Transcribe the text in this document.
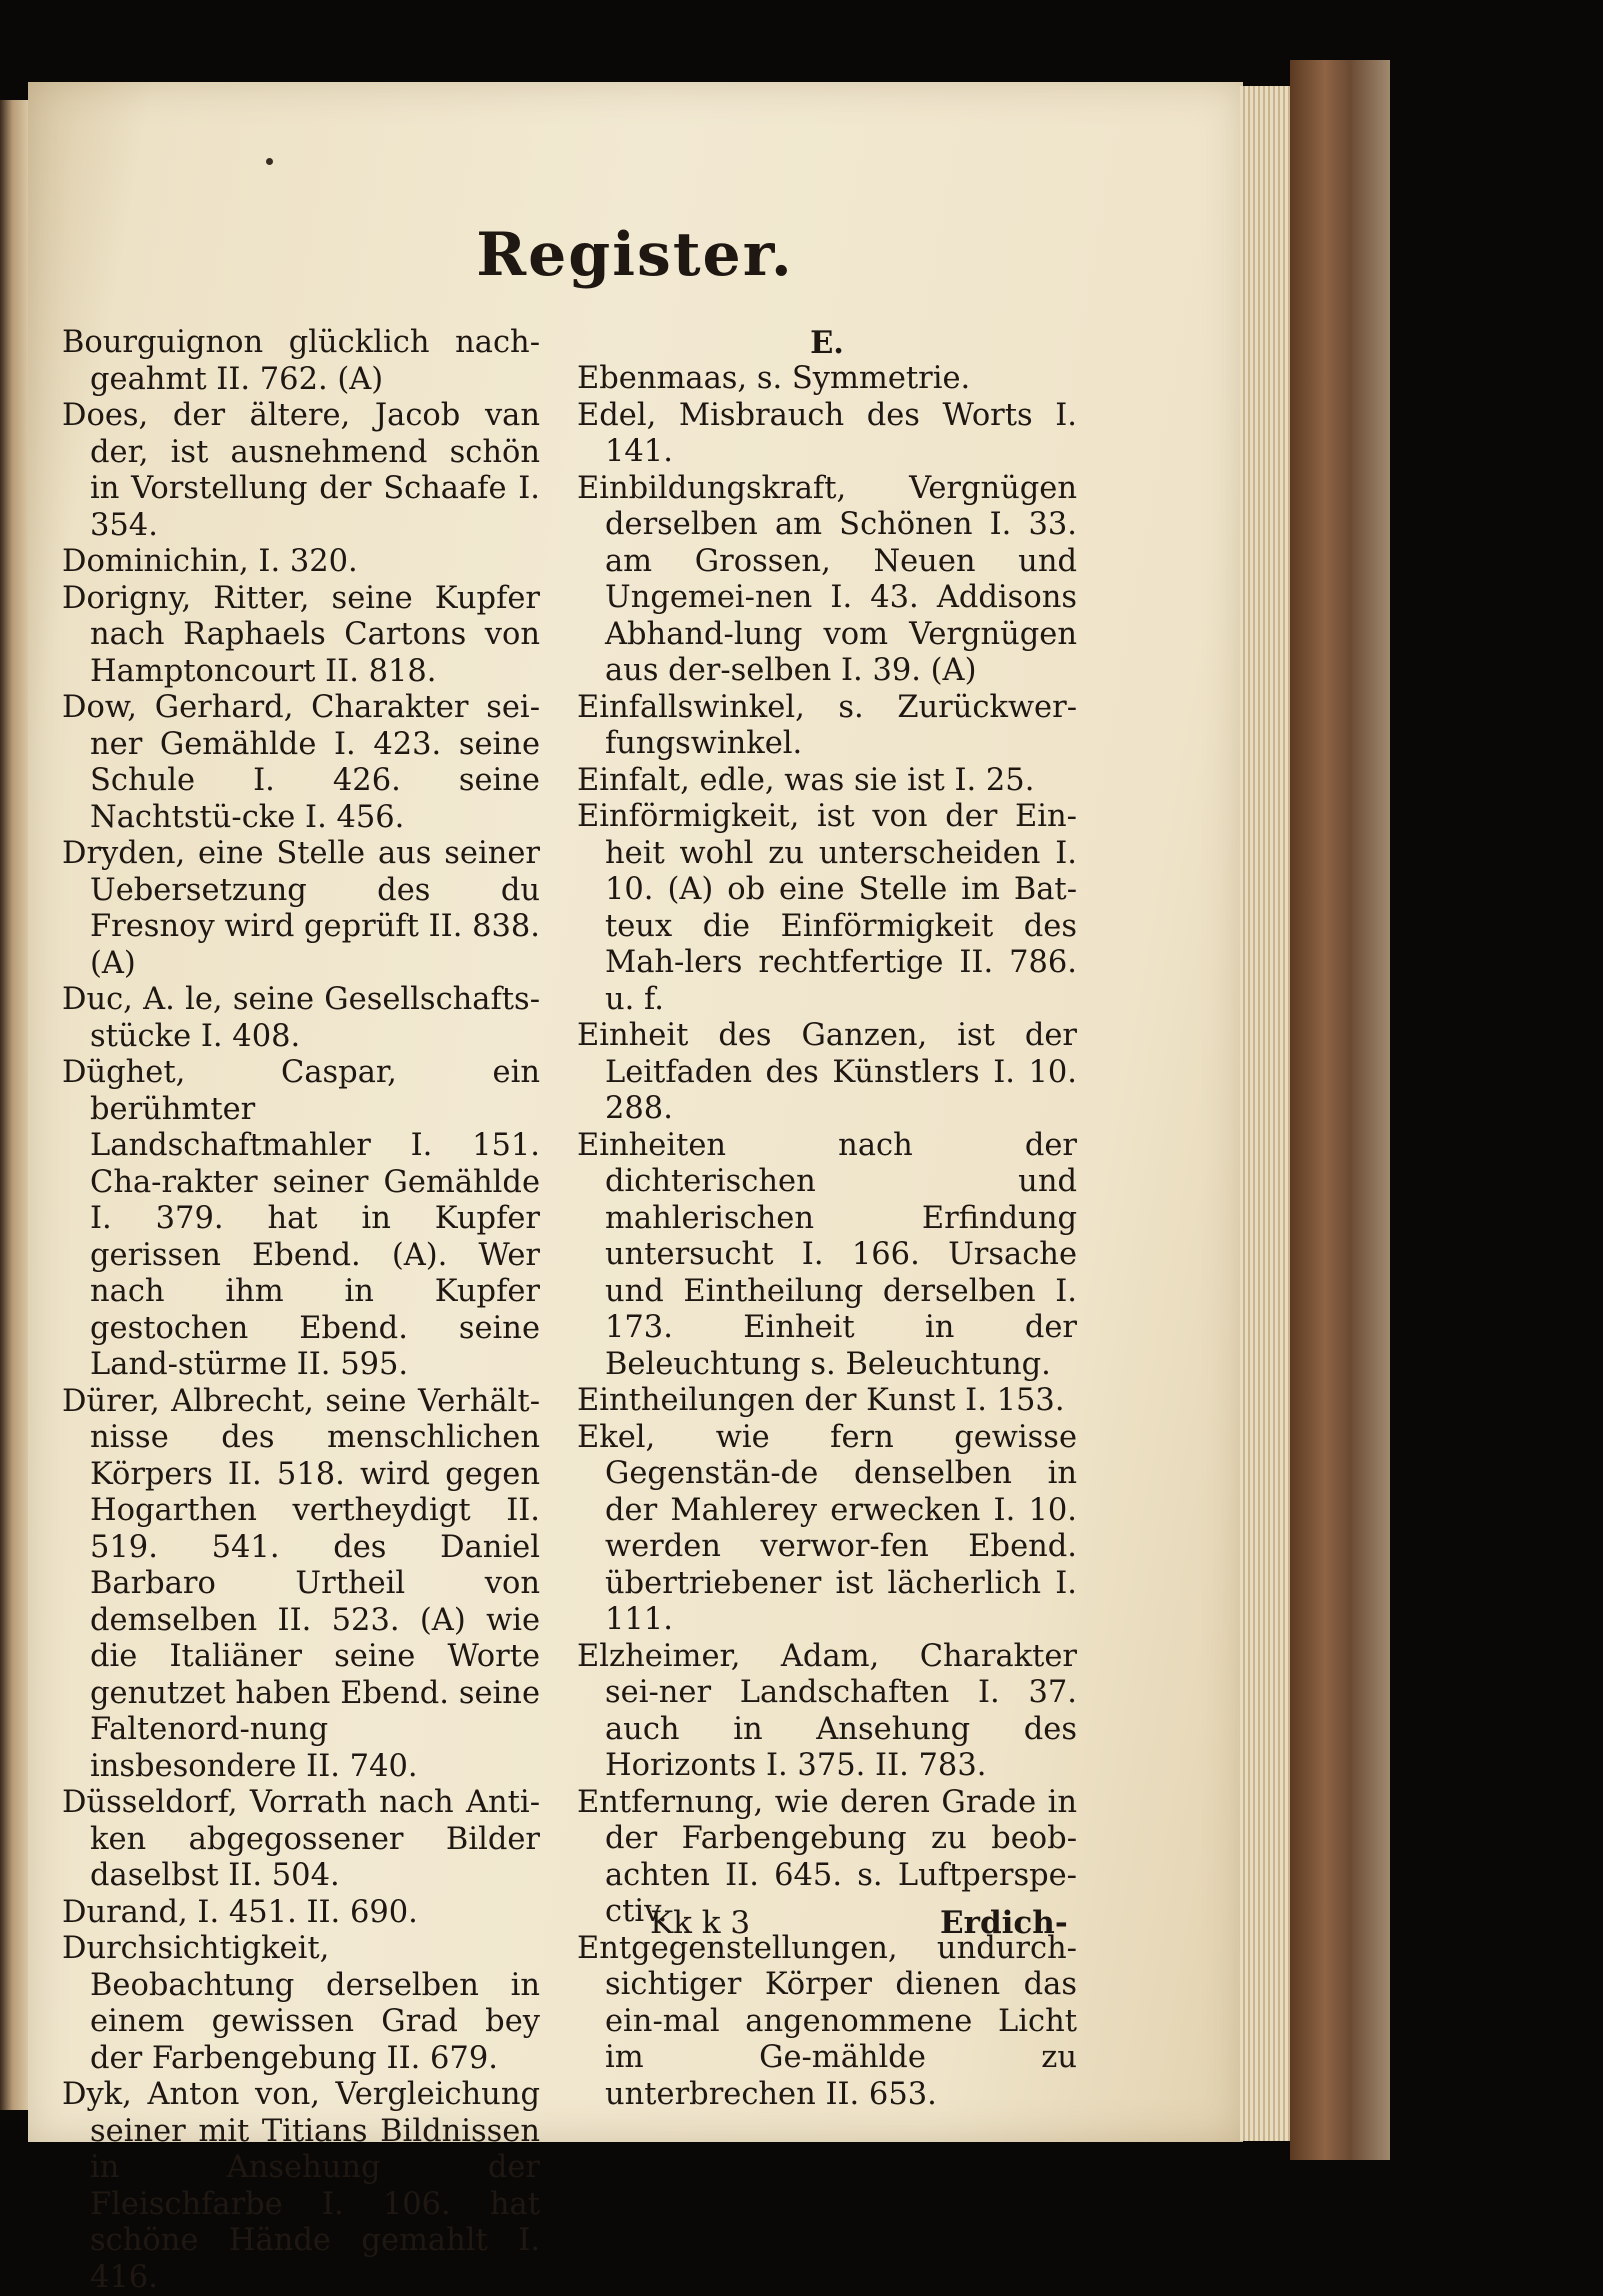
Register.
Bourguignon glücklich nach-geahmt II. 762. (A)
Does, der ältere, Jacob van der, ist ausnehmend schön in Vorstellung der Schaafe I. 354.
Dominichin, I. 320.
Dorigny, Ritter, seine Kupfer nach Raphaels Cartons von Hamptoncourt II. 818.
Dow, Gerhard, Charakter sei-ner Gemählde I. 423. seine Schule I. 426. seine Nachtstü-cke I. 456.
Dryden, eine Stelle aus seiner Uebersetzung des du Fresnoy wird geprüft II. 838. (A)
Duc, A. le, seine Gesellschafts-stücke I. 408.
Düghet, Caspar, ein berühmter Landschaftmahler I. 151. Cha-rakter seiner Gemählde I. 379. hat in Kupfer gerissen Ebend. (A). Wer nach ihm in Kupfer gestochen Ebend. seine Land-stürme II. 595.
Dürer, Albrecht, seine Verhält-nisse des menschlichen Körpers II. 518. wird gegen Hogarthen vertheydigt II. 519. 541. des Daniel Barbaro Urtheil von demselben II. 523. (A) wie die Italiäner seine Worte genutzet haben Ebend. seine Faltenord-nung insbesondere II. 740.
Düsseldorf, Vorrath nach Anti-ken abgegossener Bilder daselbst II. 504.
Durand, I. 451. II. 690.
Durchsichtigkeit, Beobachtung derselben in einem gewissen Grad bey der Farbengebung II. 679.
Dyk, Anton von, Vergleichung seiner mit Titians Bildnissen in Ansehung der Fleischfarbe I. 106. hat schöne Hände gemahlt I. 416.
E.
Ebenmaas, s. Symmetrie.
Edel, Misbrauch des Worts I. 141.
Einbildungskraft, Vergnügen derselben am Schönen I. 33. am Grossen, Neuen und Ungemei-nen I. 43. Addisons Abhand-lung vom Vergnügen aus der-selben I. 39. (A)
Einfallswinkel, s. Zurückwer-fungswinkel.
Einfalt, edle, was sie ist I. 25.
Einförmigkeit, ist von der Ein-heit wohl zu unterscheiden I. 10. (A) ob eine Stelle im Bat-teux die Einförmigkeit des Mah-lers rechtfertige II. 786. u. f.
Einheit des Ganzen, ist der Leitfaden des Künstlers I. 10. 288.
Einheiten nach der dichterischen und mahlerischen Erfindung untersucht I. 166. Ursache und Eintheilung derselben I. 173. Einheit in der Beleuchtung s. Beleuchtung.
Eintheilungen der Kunst I. 153.
Ekel, wie fern gewisse Gegenstän-de denselben in der Mahlerey erwecken I. 10. werden verwor-fen Ebend. übertriebener ist lächerlich I. 111.
Elzheimer, Adam, Charakter sei-ner Landschaften I. 37. auch in Ansehung des Horizonts I. 375. II. 783.
Entfernung, wie deren Grade in der Farbengebung zu beob-achten II. 645. s. Luftperspe-ctiv.
Entgegenstellungen, undurch-sichtiger Körper dienen das ein-mal angenommene Licht im Ge-mählde zu unterbrechen II. 653.
Kk k 3	Erdich-
